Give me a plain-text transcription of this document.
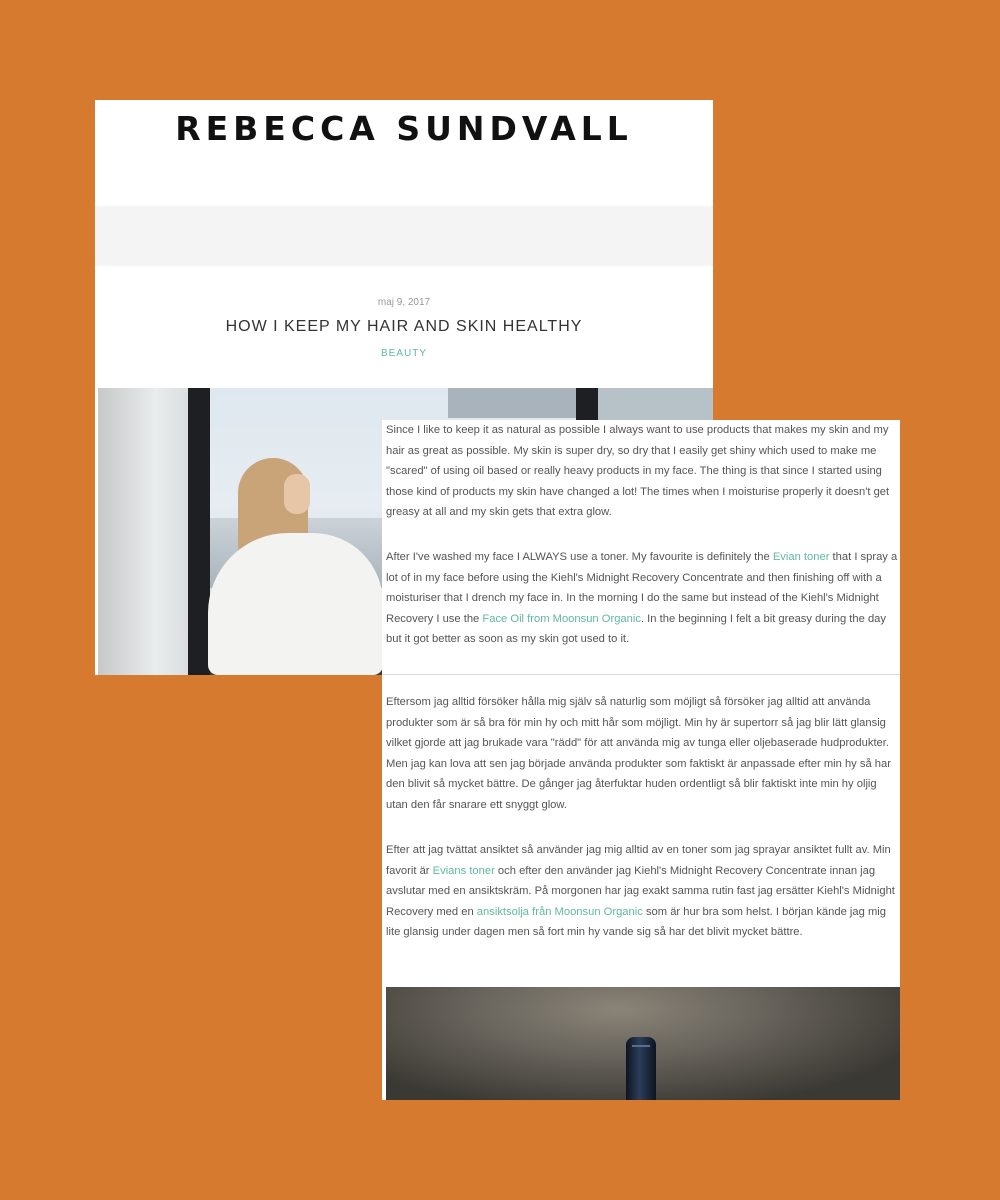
REBECCA SUNDVALL
maj 9, 2017
HOW I KEEP MY HAIR AND SKIN HEALTHY
BEAUTY

Since I like to keep it as natural as possible I always want to use products that makes my skin and my hair as great as possible. My skin is super dry, so dry that I easily get shiny which used to make me "scared" of using oil based or really heavy products in my face. The thing is that since I started using those kind of products my skin have changed a lot! The times when I moisturise properly it doesn't get greasy at all and my skin gets that extra glow.

After I've washed my face I ALWAYS use a toner. My favourite is definitely the Evian toner that I spray a lot of in my face before using the Kiehl's Midnight Recovery Concentrate and then finishing off with a moisturiser that I drench my face in. In the morning I do the same but instead of the Kiehl's Midnight Recovery I use the Face Oil from Moonsun Organic. In the beginning I felt a bit greasy during the day but it got better as soon as my skin got used to it.

Eftersom jag alltid försöker hålla mig själv så naturlig som möjligt så försöker jag alltid att använda produkter som är så bra för min hy och mitt hår som möjligt. Min hy är supertorr så jag blir lätt glansig vilket gjorde att jag brukade vara "rädd" för att använda mig av tunga eller oljebaserade hudprodukter. Men jag kan lova att sen jag började använda produkter som faktiskt är anpassade efter min hy så har den blivit så mycket bättre. De gånger jag återfuktar huden ordentligt så blir faktiskt inte min hy oljig utan den får snarare ett snyggt glow.

Efter att jag tvättat ansiktet så använder jag mig alltid av en toner som jag sprayar ansiktet fullt av. Min favorit är Evians toner och efter den använder jag Kiehl's Midnight Recovery Concentrate innan jag avslutar med en ansiktskräm. På morgonen har jag exakt samma rutin fast jag ersätter Kiehl's Midnight Recovery med en ansiktsolja från Moonsun Organic som är hur bra som helst. I början kände jag mig lite glansig under dagen men så fort min hy vande sig så har det blivit mycket bättre.
